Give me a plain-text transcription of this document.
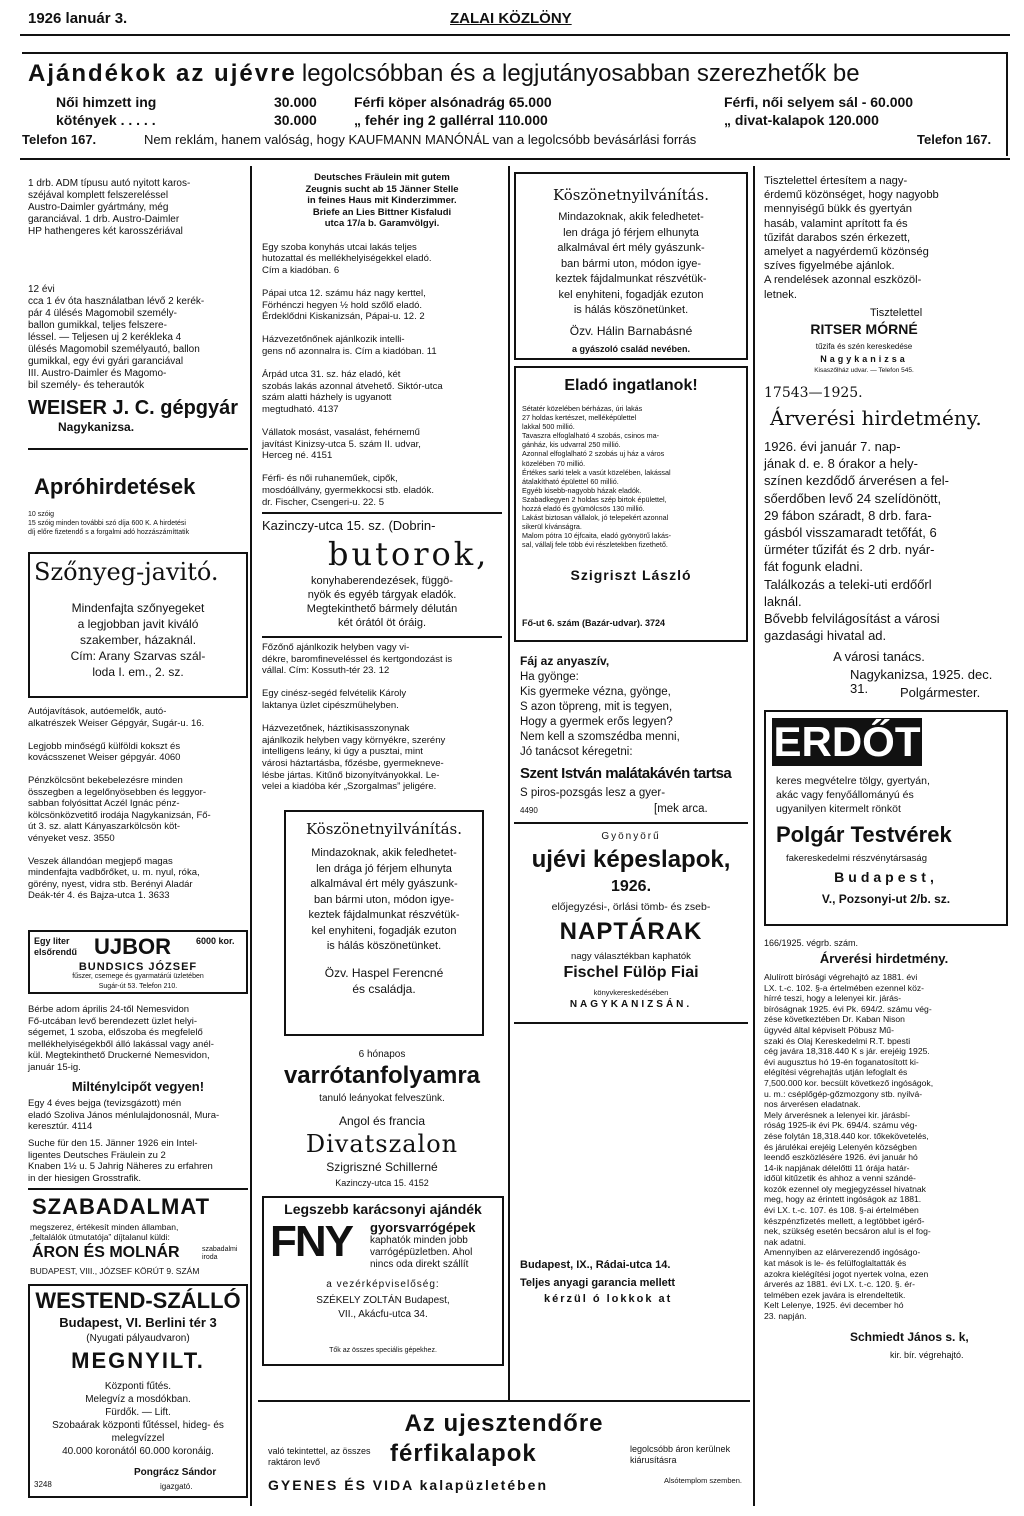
1926 lanuár 3.	ZALAI KÖZLÖNY
Ajándékok az ujévre legolcsóbban és a legjutányosabban szerezhetők be
Női himzett ing	30.000	Férfi köper alsónadrág 65.000	Férfi, női selyem sál - 60.000
kötények . . . . .	30.000	„ fehér ing 2 gallérral 110.000	„ divat-kalapok 120.000
Telefon 167.	Nem reklám, hanem valóság, hogy KAUFMANN MANÓNÁL van a legolcsóbb bevásárlási forrás	Telefon 167.
1 drb. ADM típusu autó nyitott karos-
széjával komplett felszereléssel
Austro-Daimler gyártmány, még
garanciával. 1 drb. Austro-Daimler
HP hathengeres két karosszériával
12 évi
cca 1 év óta használatban lévő 2 kerék-
pár 4 ülésés Magomobil személy-
ballon gumikkal, teljes felszere-
léssel. — Teljesen uj 2 kerékleka 4
ülésés Magomobil személyautó, ballon
gumikkal, egy évi gyári garanciával
III. Austro-Daimler és Magomo-
bil személy- és teherautók
WEISER J. C. gépgyár
Nagykanizsa.
Apróhirdetések
10 szóig
15 szóig minden további szó díja 600 K. A hirdetési
díj előre fizetendő s a forgalmi adó hozzászámíttatik
Szőnyeg-javitó.
Mindenfajta szőnyegeket
a legjobban javit kiváló
szakember, házaknál.
Cím: Arany Szarvas szál-
loda I. em., 2. sz.
Autójavítások, autóemelők, autó-
alkatrészek Weiser Gépgyár, Sugár-u. 16.

Legjobb minőségű külföldi kokszt és
kovácsszenet Weiser gépgyár. 4060

Pénzkölcsönt bekebelezésre minden
összegben a legelőnyösebben és leggyor-
sabban folyósittat Aczél Ignác pénz-
kölcsönközvetitő irodája Nagykanizsán, Fő-
út 3. sz. alatt Kányaszarkölcsön köt-
vényeket vesz. 3550

Veszek állandóan megjepő magas
mindenfajta vadbőrőket, u. m. nyul, róka,
görény, nyest, vidra stb. Berényi Aladár
Deák-tér 4. és Bajza-utca 1. 3633
Egy liter elsőrendű UJBOR	6000 kor.
BUNDSICS JÓZSEF
fűszer, csemege és gyarmatárúi üzletében
Sugár-út 53. Telefon 210.
Bérbe adom április 24-től Nemesvidon
Fő-utcában levő berendezett üzlet helyi-
ségemet, 1 szoba, előszoba és megfelelő
mellékhelyiségekből álló lakással vagy anél-
kül. Megtekinthető Druckerné Nemesvidon,
január 15-ig.
Milténylcipőt vegyen!
Egy 4 éves bejga (tevizsgázott) mén
eladó Szoliva János ménlulajdonosnál, Mura-
keresztúr. 4114
Suche für den 15. Jänner 1926 ein Intel-
ligentes Deutsches Fräulein zu 2
Knaben 1½ u. 5 Jahrig Näheres zu erfahren
in der hiesigen Grosstrafik.
SZABADALMAT
megszerez, értékesít minden államban,
„feltalálók útmutatója” díjtalanul küldi:
ÁRON ÉS MOLNÁR	szabadalmi iroda
BUDAPEST, VIII., JÓZSEF KÖRÚT 9. SZÁM
WESTEND-SZÁLLÓ
Budapest, VI. Berlini tér 3
(Nyugati pályaudvaron)
MEGNYILT.
Központi fűtés.
Melegvíz a mosdókban.
Fürdők. — Lift.
Szobaárak központi fűtéssel, hideg- és
melegvízzel
40.000 koronától 60.000 koronáig.
3248
Pongrácz Sándor
igazgató.
Deutsches Fräulein mit gutem
Zeugnis sucht ab 15 Jänner Stelle
in feines Haus mit Kinderzimmer.
Briefe an Lies Bittner Kisfaludi
utca 17/a b. Garamvölgyi.

Egy szoba konyhás utcai lakás teljes
hutozattal és mellékhelyiségekkel eladó.
Cím a kiadóban. 6

Pápai utca 12. számu ház nagy kerttel,
Förhénczi hegyen ½ hold szőlő eladó.
Érdeklődni Kiskanizsán, Pápai-u. 12. 2

Házvezetőnőnek ajánlkozik intelli-
gens nő azonnalra is. Cím a kiadóban. 11

Árpád utca 31. sz. ház eladó, két
szobás lakás azonnal átvehető. Siktór-utca
szám alatti házhely is ugyanott
megtudható. 4137

Vállatok mosást, vasalást, fehérnemű
javítást Kinizsy-utca 5. szám II. udvar,
Herceg né. 4151

Férfi- és női ruhaneműek, cipők,
mosdóállvány, gyermekkocsi stb. eladók.
dr. Fischer, Csengeri-u. 22. 5
Kazinczy-utca 15. sz. (Dobrin-
butorok,
konyhaberendezések, függö-
nyök és egyéb tárgyak eladók.
Megtekinthető bármely délután
két órától öt óráig.
Főzőnő ajánlkozik helyben vagy vi-
dékre, baromfineveléssel és kertgondozást is
vállal. Cím: Kossuth-tér 23. 12

Egy cinész-segéd felvételik Károly
laktanya üzlet cipészmühelyben.

Házvezetőnek, háztikisasszonynak
ajánlkozik helyben vagy környékre, szerény
intelligens leány, ki úgy a pusztai, mint
városi háztartásba, főzésbe, gyermekneve-
lésbe jártas. Kitűnő bizonyítványokkal. Le-
velei a kiadóba kér „Szorgalmas” jeligére.
Köszönetnyilvánítás.
Mindazoknak, akik feledhetet-
len drága jó férjem elhunyta
alkalmával ért mély gyászunk-
ban bármi uton, módon igye-
keztek fájdalmunkat részvétük-
kel enyhiteni, fogadják ezuton
is hálás köszönetünket.
Özv. Haspel Ferencné
és családja.
6 hónapos
varrótanfolyamra
tanuló leányokat felveszünk.
Angol és francia
Divatszalon
Szigriszné Schillerné
Kazinczy-utca 15. 4152
Legszebb karácsonyi ajándék
FNY gyorsvarrógépek
kaphatók minden jobb
varrógépüzletben. Ahol
nincs oda direkt szállít
a vezérképviselőség:
SZÉKELY ZOLTÁN Budapest,
VII., Akácfu-utca 34.
Tők az összes speciális gépekhez.
Köszönetnyilvánítás.
Mindazoknak, akik feledhetet-
len drága jó férjem elhunyta
alkalmával ért mély gyászunk-
ban bármi uton, módon igye-
keztek fájdalmunkat részvétük-
kel enyhiteni, fogadják ezuton
is hálás köszönetünket.
Özv. Hálin Barnabásné
a gyászoló család nevében.
Eladó ingatlanok!
Sétatér közelében bérházas, úri lakás
27 holdas kertészet, melléképülettel
lakkal 500 millió.
Tavaszra elfoglalható 4 szobás, csinos ma-
gánház, kis udvarral 250 millió.
Azonnal elfoglalható 2 szobás uj ház a város
közelében 70 millió.
Értékes sarki telek a vasút közelében, lakással
átalakítható épülettel 60 millió.
Egyéb kisebb-nagyobb házak eladók.
Szabadkegyen 2 holdas szép birtok épülettel,
hozzá eladó és gyümölcsös 130 millió.
Lakást biztosan vállalok, jó telepekért azonnal
sikerül kívánságra.
Malom pótra 10 éjfcaita, eladó gyönyörű lakás-
sal, vállalj fele több évi részletekben fizethető.
Szigriszt László
Fő-ut 6. szám (Bazár-udvar). 3724
Fáj az anyaszív,
Ha gyönge:
Kis gyermeke vézna, gyönge,
S azon töpreng, mit is tegyen,
Hogy a gyermek erős legyen?
Nem kell a szomszédba menni,
Jó tanácsot kéregetni:
Szent István malátakávén tartsa
S piros-pozsgás lesz a gyer-
4490	[mek arca.
Gyönyörű
ujévi képeslapok,
1926.
előjegyzési-, örlási tömb- és zseb-
NAPTÁRAK
nagy választékban kaphatók
Fischel Fülöp Fiai
könyvkereskedésében
NAGYKANIZSÁN.
Budapest, IX., Rádai-utca 14.
Teljes anyagi garancia mellett
kérzül ó lokkok at
Tisztelettel értesítem a nagy-
érdemű közönséget, hogy nagyobb
mennyiségű bükk és gyertyán
hasáb, valamint aprított fa és
tűzifát darabos szén érkezett,
amelyet a nagyérdemű közönség
szíves figyelmébe ajánlok.
A rendelések azonnal eszközöl-
letnek.
Tisztelettel
RITSER MÓRNÉ
tűzifa és szén kereskedése
Nagykanizsa
Kisaszőlház udvar. — Telefon 545.
17543—1925.
Árverési hirdetmény.
1926. évi január 7. nap-
jának d. e. 8 órakor a hely-
színen kezdődő árverésen a fel-
sőerdőben levő 24 szelídönött,
29 fábon száradt, 8 drb. fara-
gásból visszamaradt tetőfát, 6
ürméter tűzifát és 2 drb. nyár-
fát fogunk eladni.
Találkozás a teleki-uti erdőőrl
laknál.
Bővebb felvilágosítást a városi
gazdasági hivatal ad.
A városi tanács.
Nagykanizsa, 1925. dec. 31.	Polgármester.
ERDŐT
keres megvételre tölgy, gyertyán,
akác vagy fenyőállományú és
ugyanilyen kitermelt rönköt
Polgár Testvérek
fakereskedelmi részvénytársaság
Budapest,
V., Pozsonyi-ut 2/b. sz.
166/1925. végrb. szám.
Árverési hirdetmény.
Alulírott bírósági végrehajtó az 1881. évi
LX. t.-c. 102. §-a értelmében ezennel köz-
hírré teszi, hogy a lelenyei kir. járás-
bíróságnak 1925. évi Pk. 694/2. számu vég-
zése következtében Dr. Kaban Nison
ügyvéd által képviselt Pöbusz Mű-
szaki és Olaj Kereskedelmi R.T. bpesti
cég javára 18,318.440 K s jár. erejéig 1925.
évi augusztus hó 19-én foganatosított ki-
elégítési végrehajtás utján lefoglalt és
7,500.000 kor. becsült következő ingóságok,
u. m.: cséplőgép-gőzmozgony stb. nyilvá-
nos árverésen eladatnak.
Mely árverésnek a lelenyei kir. járásbí-
róság 1925-ik évi Pk. 694/4. számu vég-
zése folytán 18,318.440 kor. tőkekövetelés,
és járulékai erejéig Lelenyén községben
leendő eszközlésére 1926. évi január hó
14-ik napjának délelőtti 11 órája határ-
időül kitűzetik és ahhoz a venni szándé-
kozók ezennel oly megjegyzéssel hivatnak
meg, hogy az érintett ingóságok az 1881.
évi LX. t.-c. 107. és 108. §-ai értelmében
készpénzfizetés mellett, a legtöbbet igérő-
nek, szükség esetén becsáron alul is el fog-
nak adatni.
Amennyiben az elárverezendő ingóságo-
kat mások is le- és felülfoglaltatták és
azokra kielégítési jogot nyertek volna, ezen
árverés az 1881. évi LX. t.-c. 120. §. ér-
telmében ezek javára is elrendeltetik.
Kelt Lelenye, 1925. évi december hó
23. napján.
Schmiedt János s. k,
kir. bír. végrehajtó.
Az ujesztendőre
való tekintettel, az összes raktáron levő	férfikalapok	legolcsóbb áron kerülnek kiárusításra
GYENES ÉS VIDA kalapüzletében	Alsótemplom szemben.
